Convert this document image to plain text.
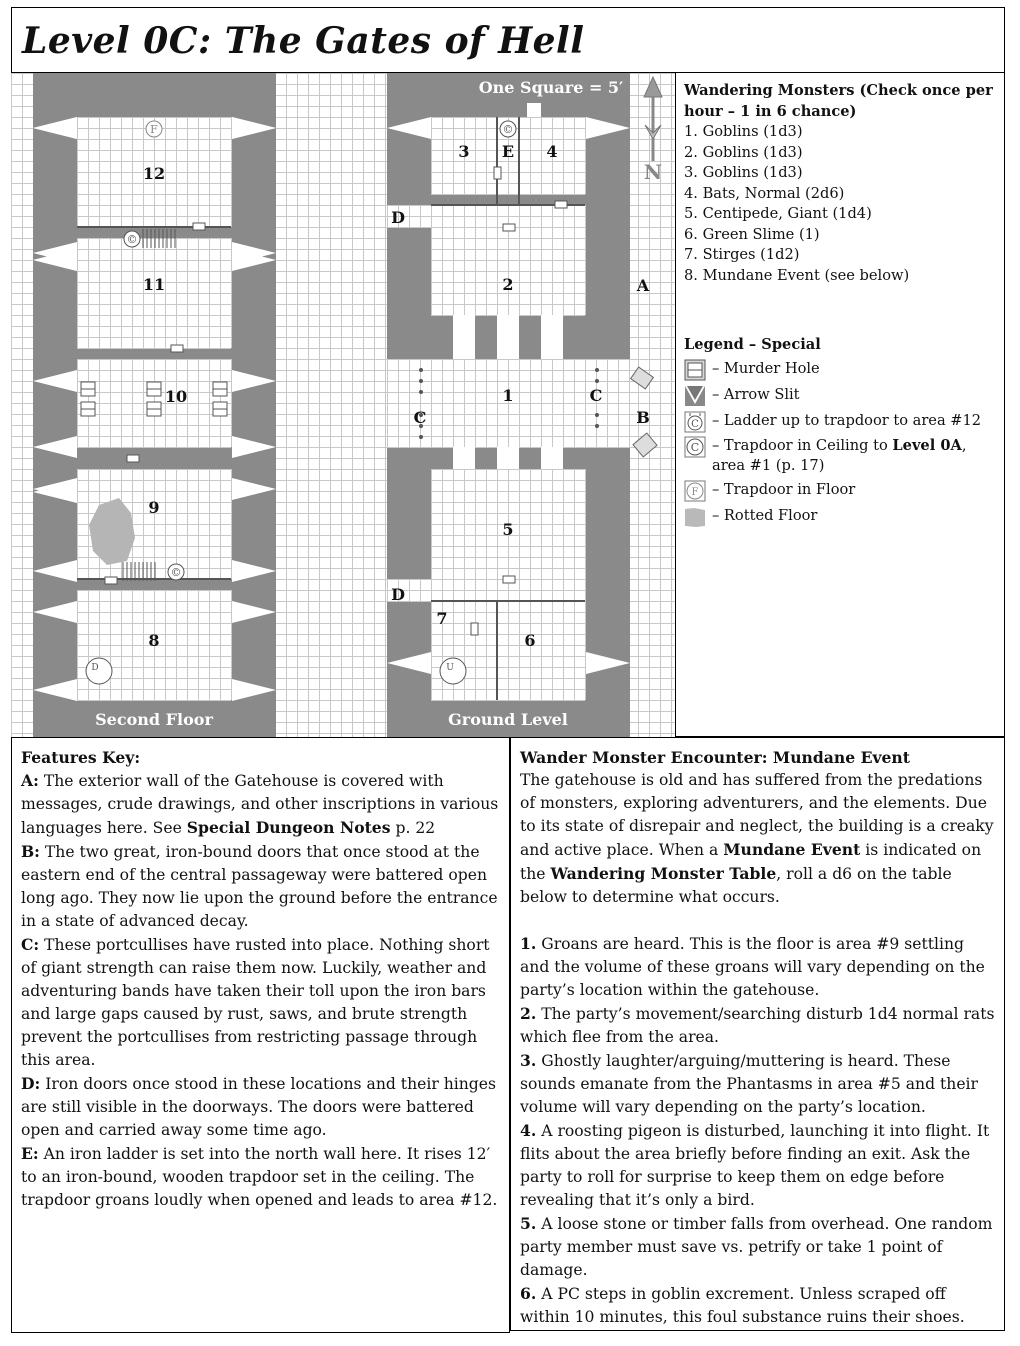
Level 0C: The Gates of Hell
F
©
©
D
12
11
10
9
8
©
U
3 E 4
D
2	A
1	C
C	B
5
D
7
6
Second Floor	Ground Level
One Square = 5′
N
Wandering Monsters (Check once per hour – 1 in 6 chance)
1. Goblins (1d3)
2. Goblins (1d3)
3. Goblins (1d3)
4. Bats, Normal (2d6)
5. Centipede, Giant (1d4)
6. Green Slime (1)
7. Stirges (1d2)
8. Mundane Event (see below)
Legend – Special
– Murder Hole
– Arrow Slit
C – Ladder up to trapdoor to area #12
C – Trapdoor in Ceiling to Level 0A, area #1 (p. 17)
F – Trapdoor in Floor
– Rotted Floor
Features Key:

A: The exterior wall of the Gatehouse is covered with messages, crude drawings, and other inscriptions in various languages here. See Special Dungeon Notes p. 22

B: The two great, iron-bound doors that once stood at the eastern end of the central passageway were battered open long ago. They now lie upon the ground before the entrance in a state of advanced decay.

C: These portcullises have rusted into place. Nothing short of giant strength can raise them now. Luckily, weather and adventuring bands have taken their toll upon the iron bars and large gaps caused by rust, saws, and brute strength prevent the portcullises from restricting passage through this area.

D: Iron doors once stood in these locations and their hinges are still visible in the doorways. The doors were battered open and carried away some time ago.

E: An iron ladder is set into the north wall here. It rises 12′ to an iron-bound, wooden trapdoor set in the ceiling. The trapdoor groans loudly when opened and leads to area #12.

Wander Monster Encounter: Mundane Event

The gatehouse is old and has suffered from the predations of monsters, exploring adventurers, and the elements. Due to its state of disrepair and neglect, the building is a creaky and active place. When a Mundane Event is indicated on the Wandering Monster Table, roll a d6 on the table below to determine what occurs.

1. Groans are heard. This is the floor is area #9 settling and the volume of these groans will vary depending on the party’s location within the gatehouse.

2. The party’s movement/searching disturb 1d4 normal rats which flee from the area.

3. Ghostly laughter/arguing/muttering is heard. These sounds emanate from the Phantasms in area #5 and their volume will vary depending on the party’s location.

4. A roosting pigeon is disturbed, launching it into flight. It flits about the area briefly before finding an exit. Ask the party to roll for surprise to keep them on edge before revealing that it’s only a bird.

5. A loose stone or timber falls from overhead. One random party member must save vs. petrify or take 1 point of damage.

6. A PC steps in goblin excrement. Unless scraped off within 10 minutes, this foul substance ruins their shoes.
